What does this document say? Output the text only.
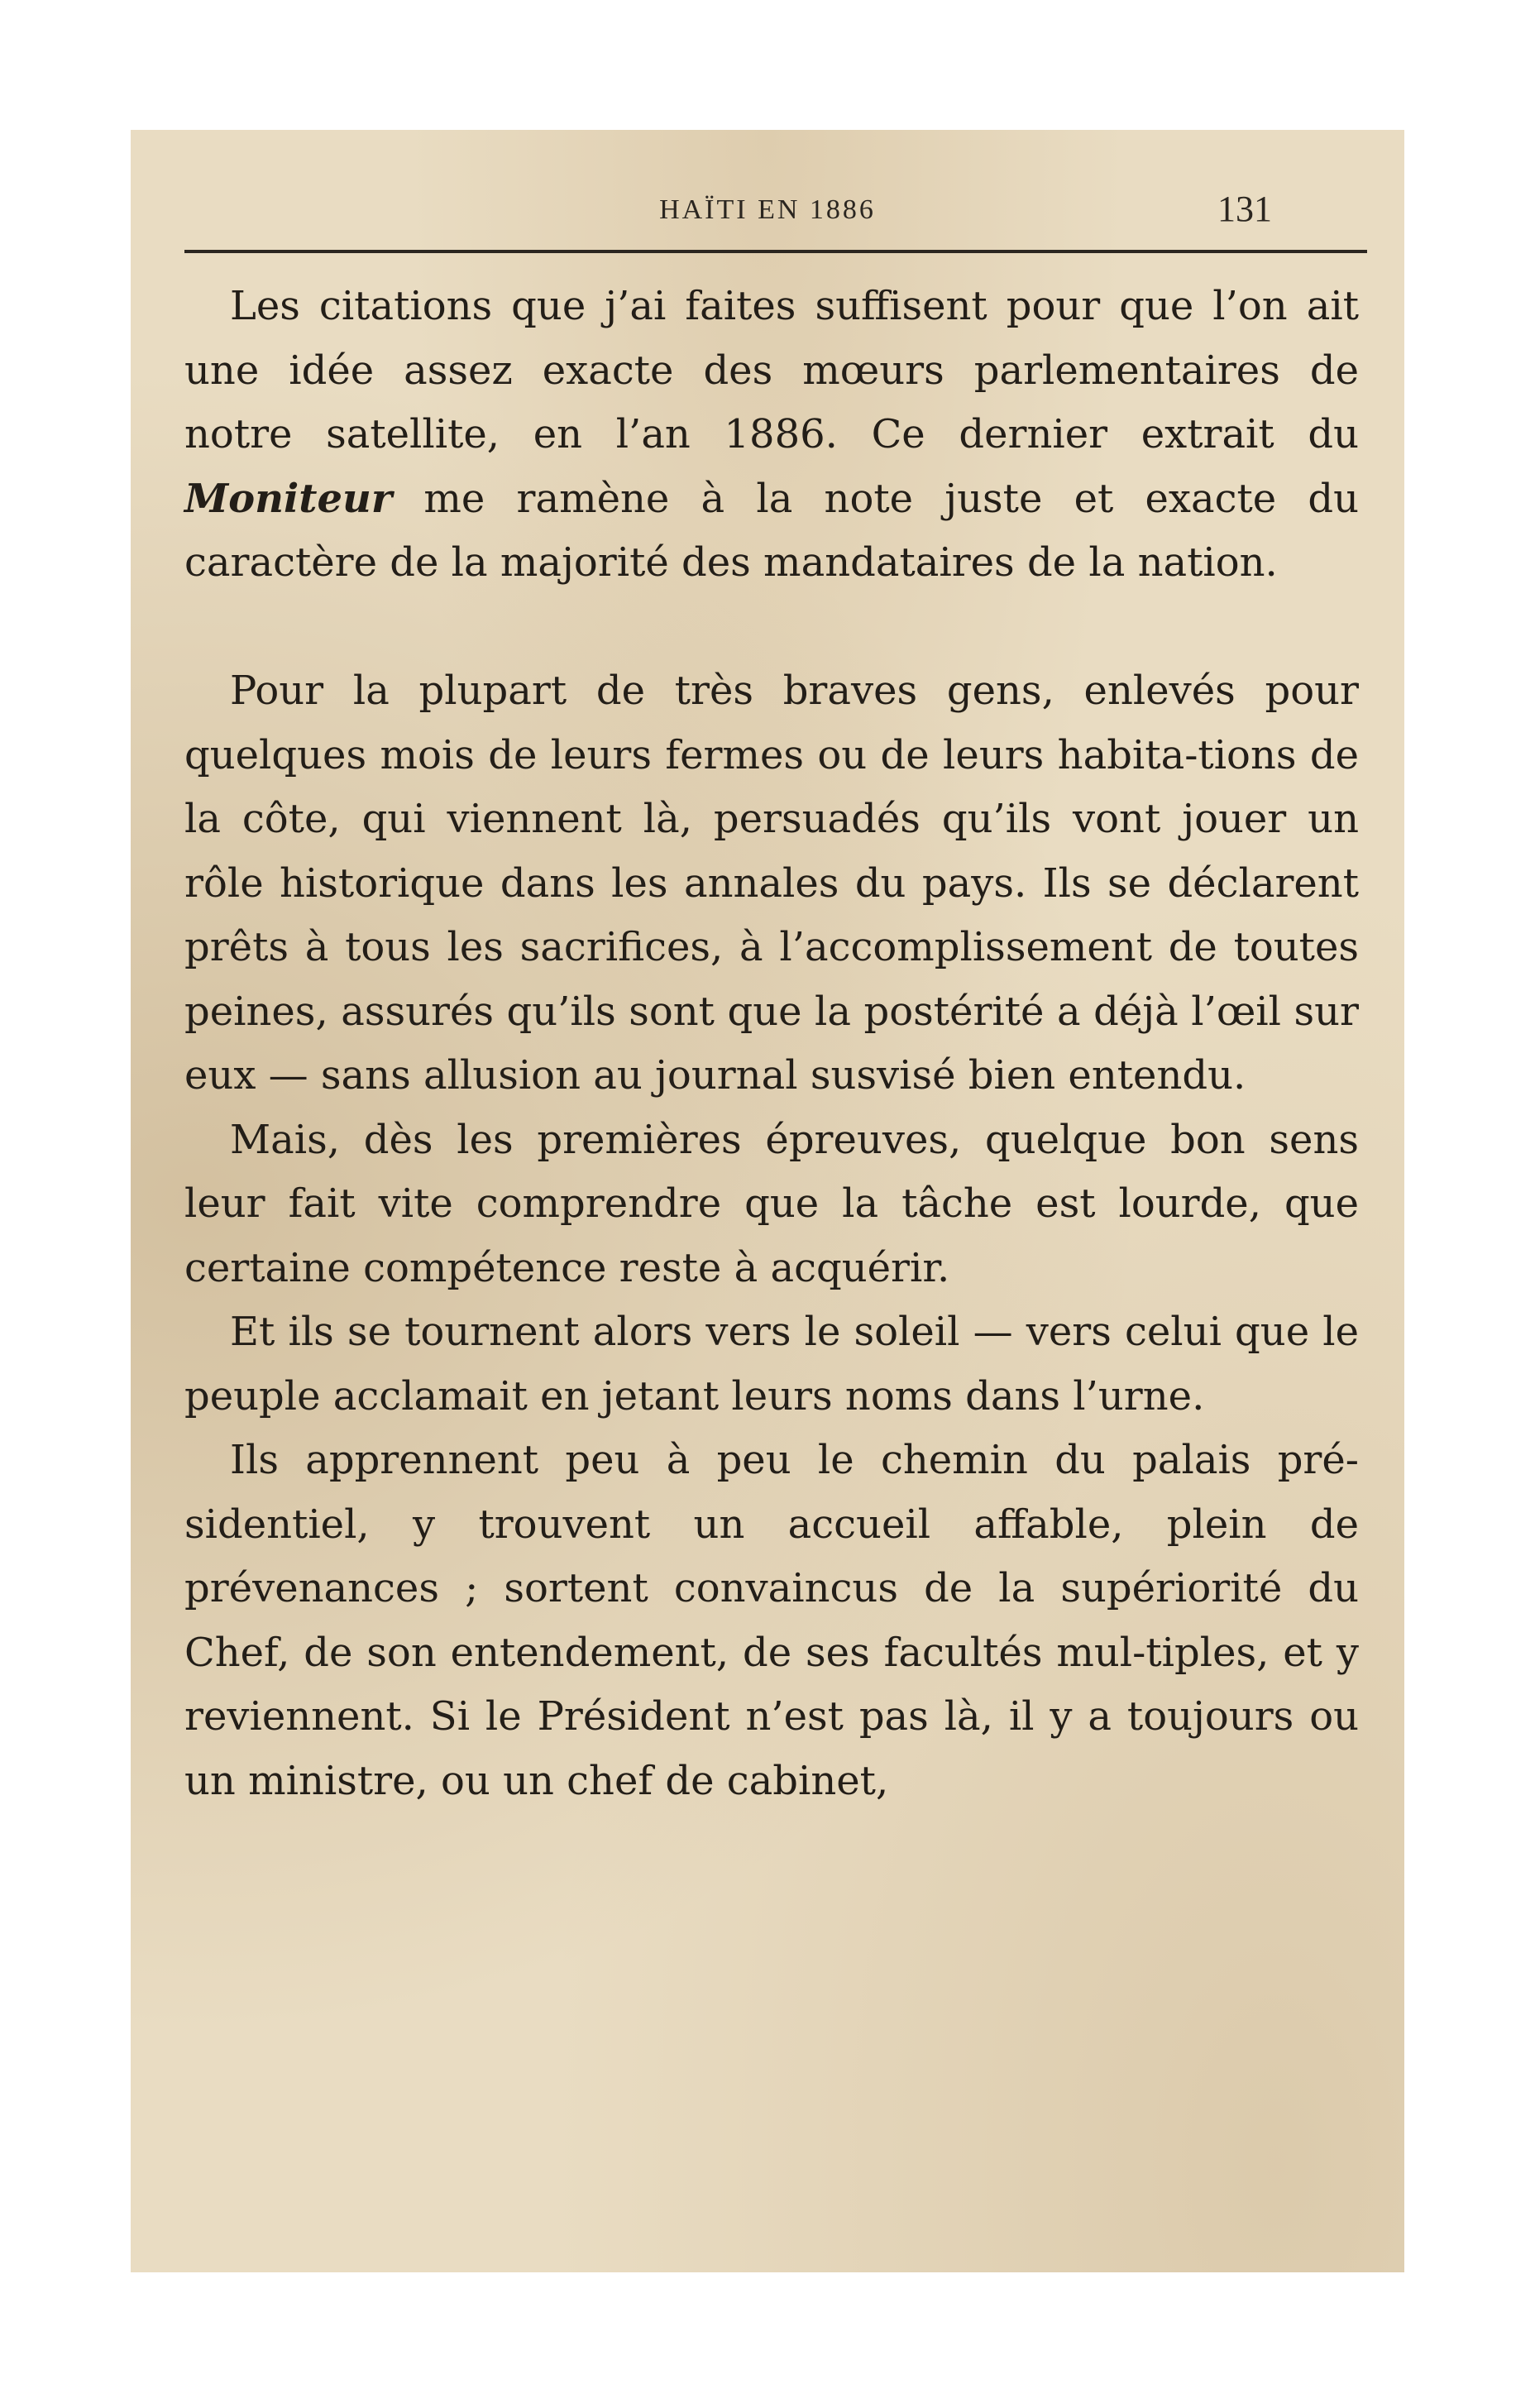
HAÏTI EN 1886	131

Les citations que j’ai faites suffisent pour que l’on ait une idée assez exacte des mœurs parlementaires de notre satellite, en l’an 1886. Ce dernier extrait du Moniteur me ramène à la note juste et exacte du caractère de la majorité des mandataires de la nation.

Pour la plupart de très braves gens, enlevés pour quelques mois de leurs fermes ou de leurs habita-tions de la côte, qui viennent là, persuadés qu’ils vont jouer un rôle historique dans les annales du pays. Ils se déclarent prêts à tous les sacrifices, à l’accomplissement de toutes peines, assurés qu’ils sont que la postérité a déjà l’œil sur eux — sans allusion au journal susvisé bien entendu.

Mais, dès les premières épreuves, quelque bon sens leur fait vite comprendre que la tâche est lourde, que certaine compétence reste à acquérir.

Et ils se tournent alors vers le soleil — vers celui que le peuple acclamait en jetant leurs noms dans l’urne.

Ils apprennent peu à peu le chemin du palais pré-sidentiel, y trouvent un accueil affable, plein de prévenances ; sortent convaincus de la supériorité du Chef, de son entendement, de ses facultés mul-tiples, et y reviennent. Si le Président n’est pas là, il y a toujours ou un ministre, ou un chef de cabinet,
